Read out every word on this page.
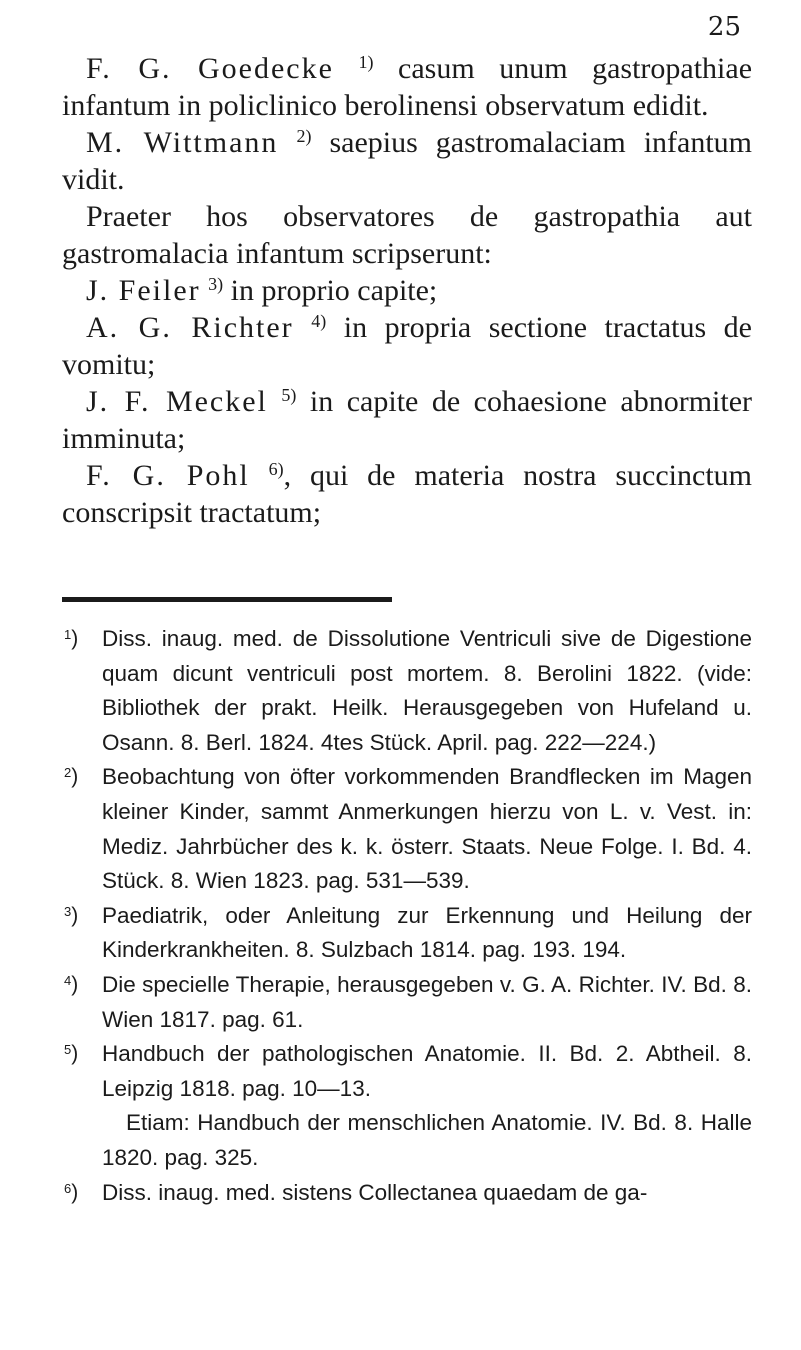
25

F. G. Goedecke $^{1)}$ casum unum gastropathiae infantum in policlinico berolinensi observatum edidit.

M. Wittmann $^{2)}$ saepius gastromalaciam infantum vidit.

Praeter hos observatores de gastropathia aut gastromalacia infantum scripserunt:

J. Feiler $^{3)}$ in proprio capite;

A. G. Richter $^{4)}$ in propria sectione tractatus de vomitu;

J. F. Meckel $^{5)}$ in capite de cohaesione abnormiter imminuta;

F. G. Pohl $^{6)}$, qui de materia nostra succinctum conscripsit tractatum;

$^1$)	Diss. inaug. med. de Dissolutione Ventriculi sive de Digestione quam dicunt ventriculi post mortem. 8. Berolini 1822. (vide: Bibliothek der prakt. Heilk. Herausgegeben von Hufeland u. Osann. 8. Berl. 1824. 4tes Stück. April. pag. 222—224.)

$^2$)	Beobachtung von öfter vorkommenden Brandflecken im Magen kleiner Kinder, sammt Anmerkungen hierzu von L. v. Vest. in: Mediz. Jahrbücher des k. k. österr. Staats. Neue Folge. I. Bd. 4. Stück. 8. Wien 1823. pag. 531—539.

$^3$)	Paediatrik, oder Anleitung zur Erkennung und Heilung der Kinderkrankheiten. 8. Sulzbach 1814. pag. 193. 194.

$^4$)	Die specielle Therapie, herausgegeben v. G. A. Richter. IV. Bd. 8. Wien 1817. pag. 61.

$^5$)	Handbuch der pathologischen Anatomie. II. Bd. 2. Abtheil. 8. Leipzig 1818. pag. 10—13.
Etiam: Handbuch der menschlichen Anatomie. IV. Bd. 8. Halle 1820. pag. 325.

$^6$)	Diss. inaug. med. sistens Collectanea quaedam de ga-
